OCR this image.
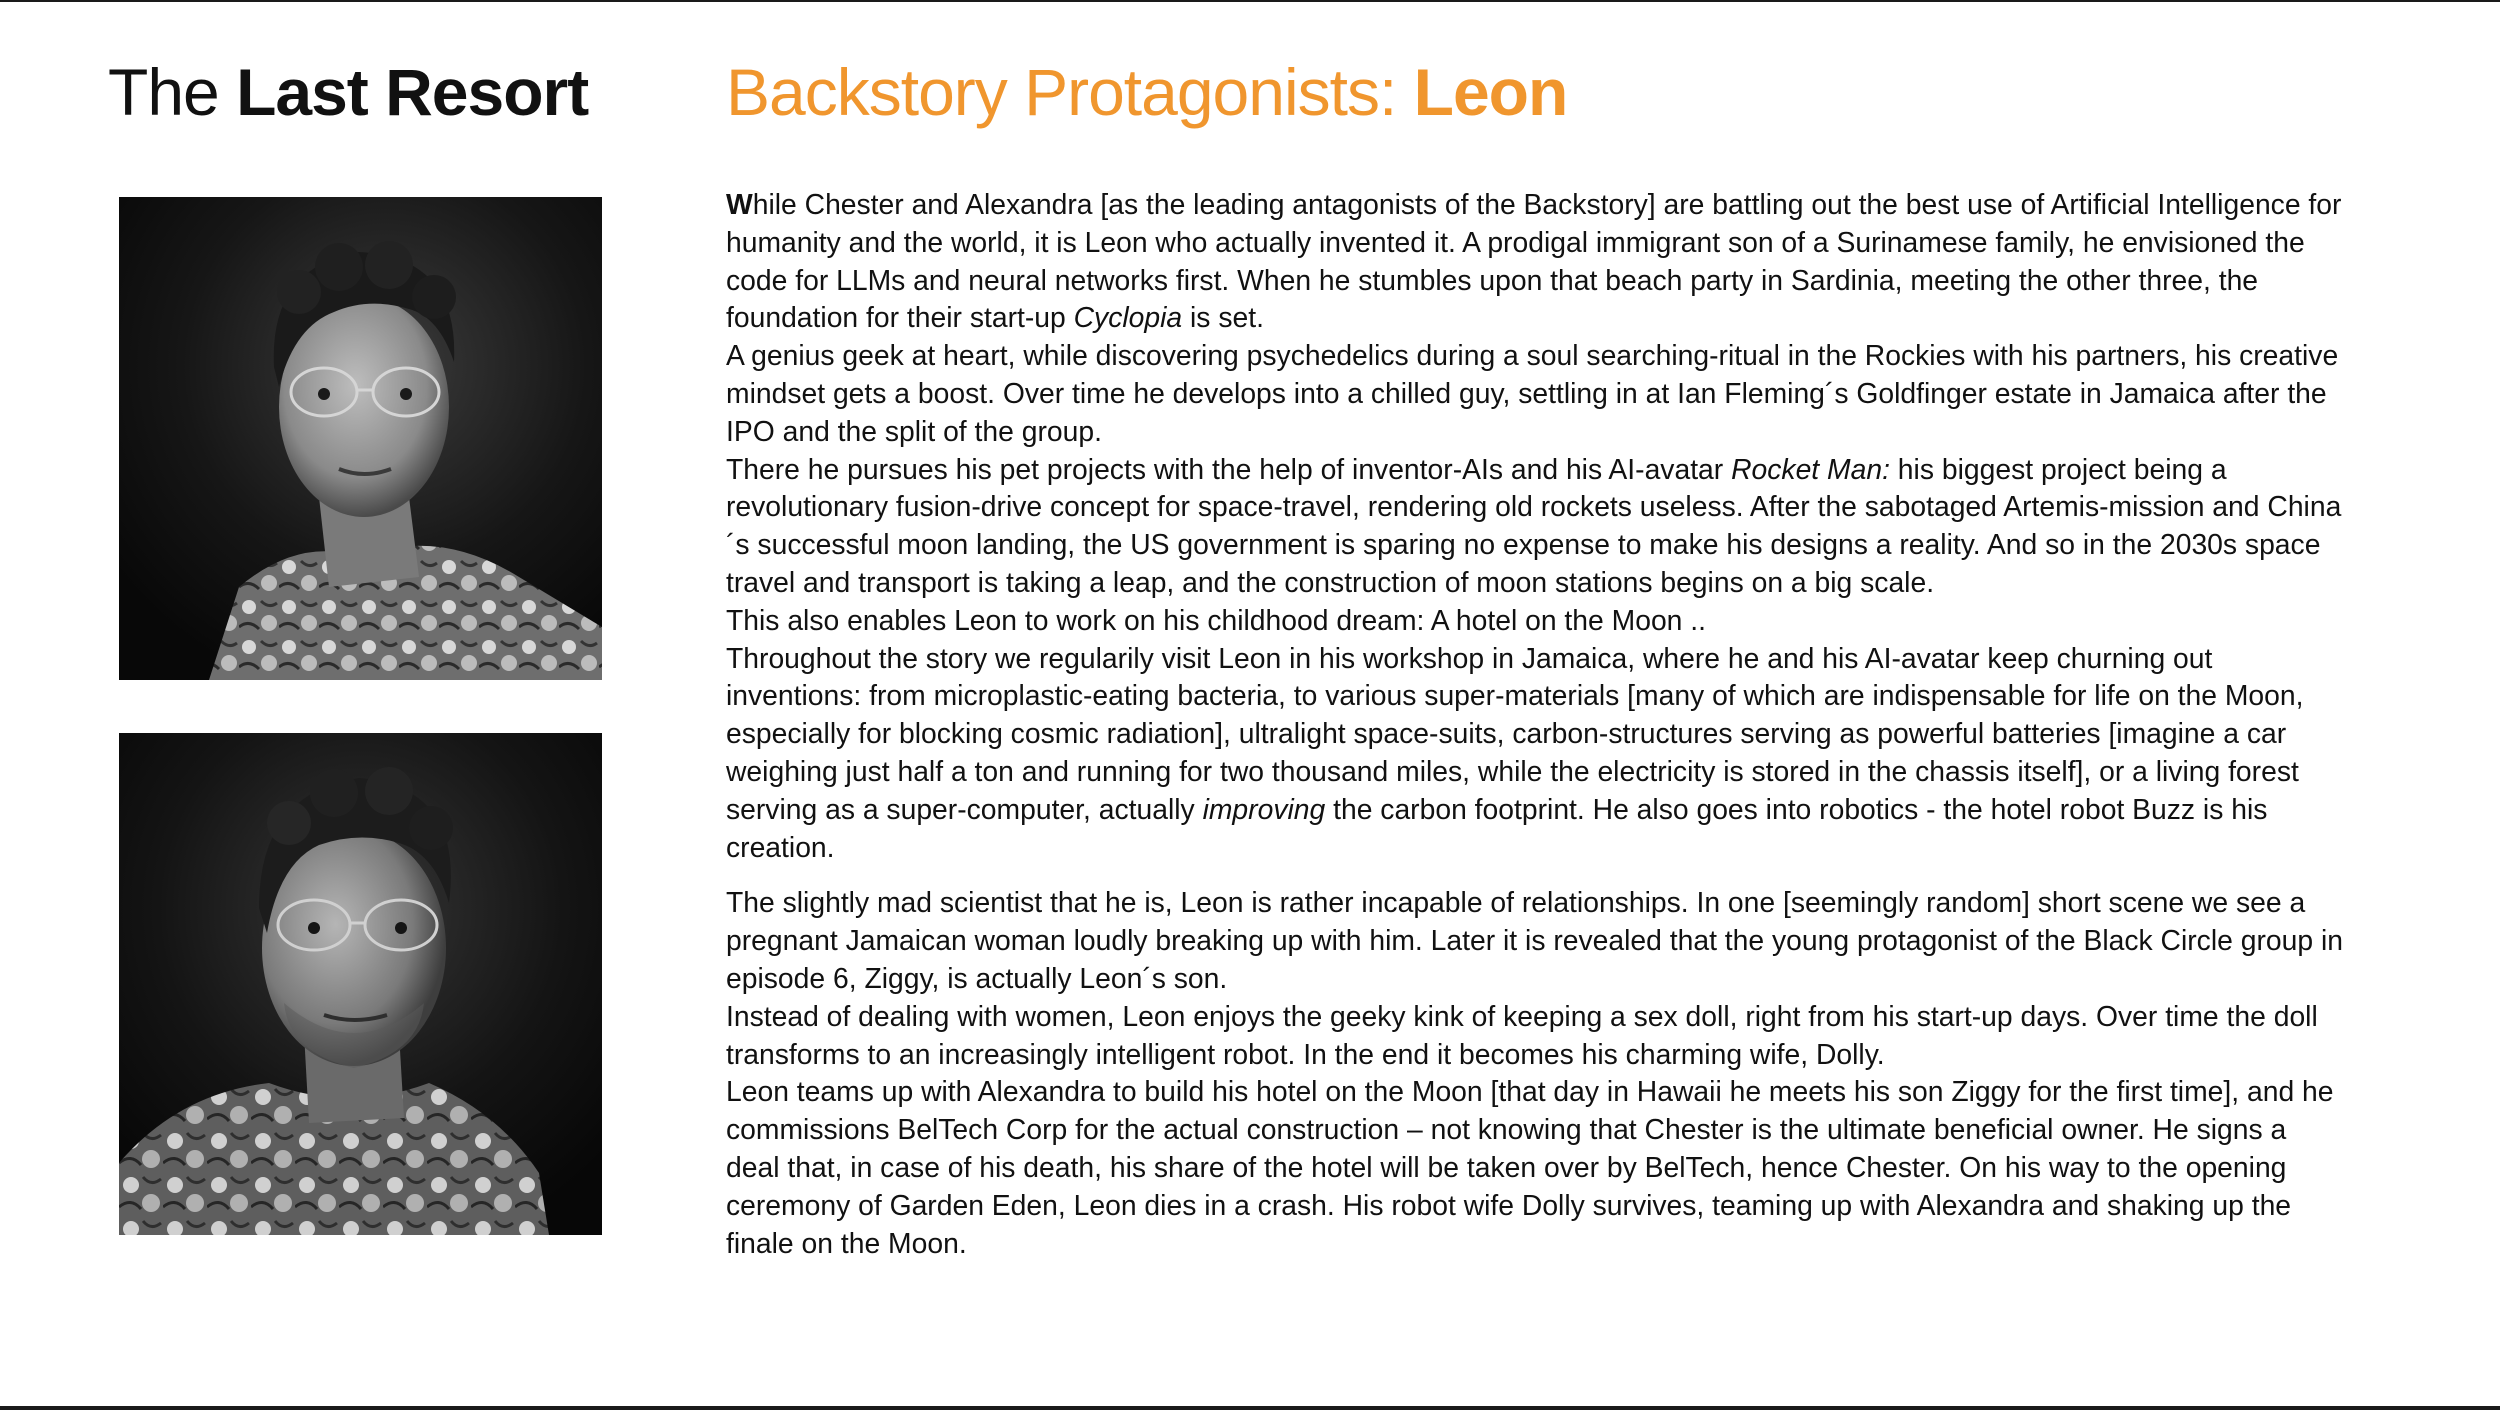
The Last Resort Backstory Protagonists: Leon

While Chester and Alexandra [as the leading antagonists of the Backstory] are battling out the best use of Artificial Intelligence for humanity and the world, it is Leon who actually invented it. A prodigal immigrant son of a Surinamese family, he envisioned the code for LLMs and neural networks first. When he stumbles upon that beach party in Sardinia, meeting the other three, the foundation for their start-up Cyclopia is set.

A genius geek at heart, while discovering psychedelics during a soul searching-ritual in the Rockies with his partners, his creative mindset gets a boost. Over time he develops into a chilled guy, settling in at Ian Fleming´s Goldfinger estate in Jamaica after the IPO and the split of the group.

There he pursues his pet projects with the help of inventor-AIs and his AI-avatar Rocket Man: his biggest project being a revolutionary fusion-drive concept for space-travel, rendering old rockets useless. After the sabotaged Artemis-mission and China´s successful moon landing, the US government is sparing no expense to make his designs a reality. And so in the 2030s space travel and transport is taking a leap, and the construction of moon stations begins on a big scale.

This also enables Leon to work on his childhood dream: A hotel on the Moon ..

Throughout the story we regularily visit Leon in his workshop in Jamaica, where he and his AI-avatar keep churning out inventions: from microplastic-eating bacteria, to various super-materials [many of which are indispensable for life on the Moon, especially for blocking cosmic radiation], ultralight space-suits, carbon-structures serving as powerful batteries [imagine a car weighing just half a ton and running for two thousand miles, while the electricity is stored in the chassis itself], or a living forest serving as a super-computer, actually improving the carbon footprint. He also goes into robotics - the hotel robot Buzz is his creation.

The slightly mad scientist that he is, Leon is rather incapable of relationships. In one [seemingly random] short scene we see a pregnant Jamaican woman loudly breaking up with him. Later it is revealed that the young protagonist of the Black Circle group in episode 6, Ziggy, is actually Leon´s son.

Instead of dealing with women, Leon enjoys the geeky kink of keeping a sex doll, right from his start-up days. Over time the doll transforms to an increasingly intelligent robot. In the end it becomes his charming wife, Dolly.

Leon teams up with Alexandra to build his hotel on the Moon [that day in Hawaii he meets his son Ziggy for the first time], and he commissions BelTech Corp for the actual construction – not knowing that Chester is the ultimate beneficial owner. He signs a deal that, in case of his death, his share of the hotel will be taken over by BelTech, hence Chester. On his way to the opening ceremony of Garden Eden, Leon dies in a crash. His robot wife Dolly survives, teaming up with Alexandra and shaking up the finale on the Moon.
